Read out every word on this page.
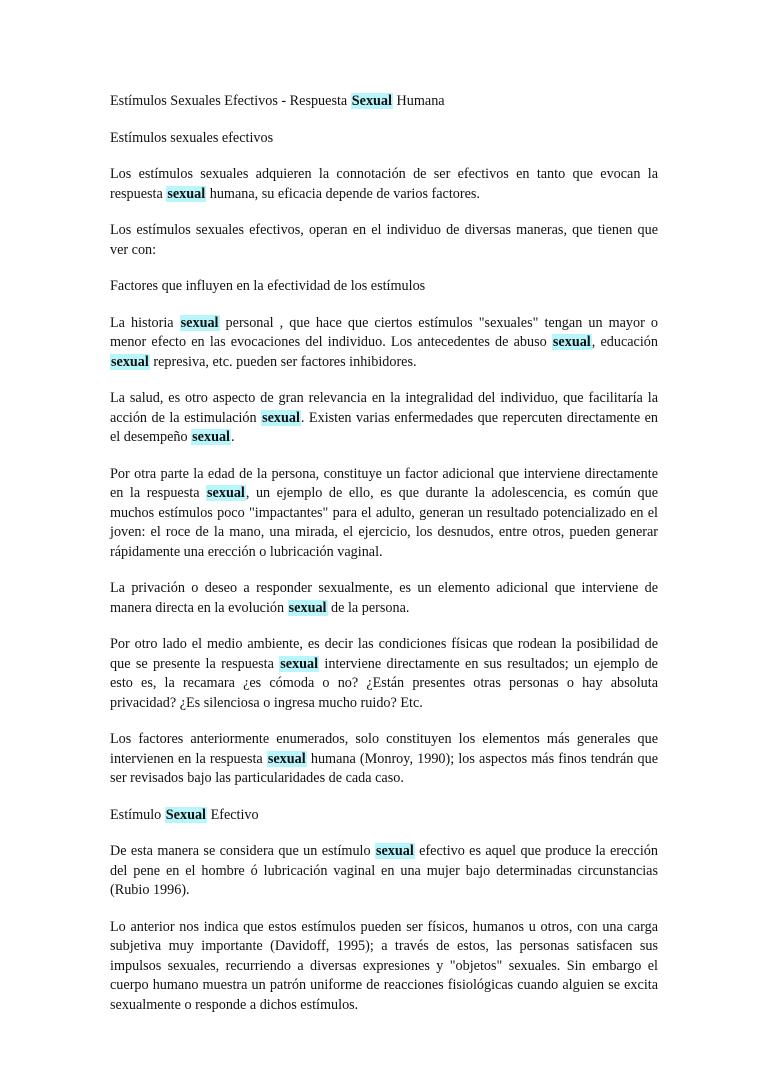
Estímulos Sexuales Efectivos - Respuesta Sexual Humana

Estímulos sexuales efectivos

Los estímulos sexuales adquieren la connotación de ser efectivos en tanto que evocan la respuesta sexual humana, su eficacia depende de varios factores.

Los estímulos sexuales efectivos, operan en el individuo de diversas maneras, que tienen que ver con:

Factores que influyen en la efectividad de los estímulos

La historia sexual personal , que hace que ciertos estímulos "sexuales" tengan un mayor o menor efecto en las evocaciones del individuo. Los antecedentes de abuso sexual, educación sexual represiva, etc. pueden ser factores inhibidores.

La salud, es otro aspecto de gran relevancia en la integralidad del individuo, que facilitaría la acción de la estimulación sexual. Existen varias enfermedades que repercuten directamente en el desempeño sexual.

Por otra parte la edad de la persona, constituye un factor adicional que interviene directamente en la respuesta sexual, un ejemplo de ello, es que durante la adolescencia, es común que muchos estímulos poco "impactantes" para el adulto, generan un resultado potencializado en el joven: el roce de la mano, una mirada, el ejercicio, los desnudos, entre otros, pueden generar rápidamente una erección o lubricación vaginal.

La privación o deseo a responder sexualmente, es un elemento adicional que interviene de manera directa en la evolución sexual de la persona.

Por otro lado el medio ambiente, es decir las condiciones físicas que rodean la posibilidad de que se presente la respuesta sexual interviene directamente en sus resultados; un ejemplo de esto es, la recamara ¿es cómoda o no? ¿Están presentes otras personas o hay absoluta privacidad? ¿Es silenciosa o ingresa mucho ruido? Etc.

Los factores anteriormente enumerados, solo constituyen los elementos más generales que intervienen en la respuesta sexual humana (Monroy, 1990); los aspectos más finos tendrán que ser revisados bajo las particularidades de cada caso.

Estímulo Sexual Efectivo

De esta manera se considera que un estímulo sexual efectivo es aquel que produce la erección del pene en el hombre ó lubricación vaginal en una mujer bajo determinadas circunstancias (Rubio 1996).

Lo anterior nos indica que estos estímulos pueden ser físicos, humanos u otros, con una carga subjetiva muy importante (Davidoff, 1995); a través de estos, las personas satisfacen sus impulsos sexuales, recurriendo a diversas expresiones y "objetos" sexuales. Sin embargo el cuerpo humano muestra un patrón uniforme de reacciones fisiológicas cuando alguien se excita sexualmente o responde a dichos estímulos.
